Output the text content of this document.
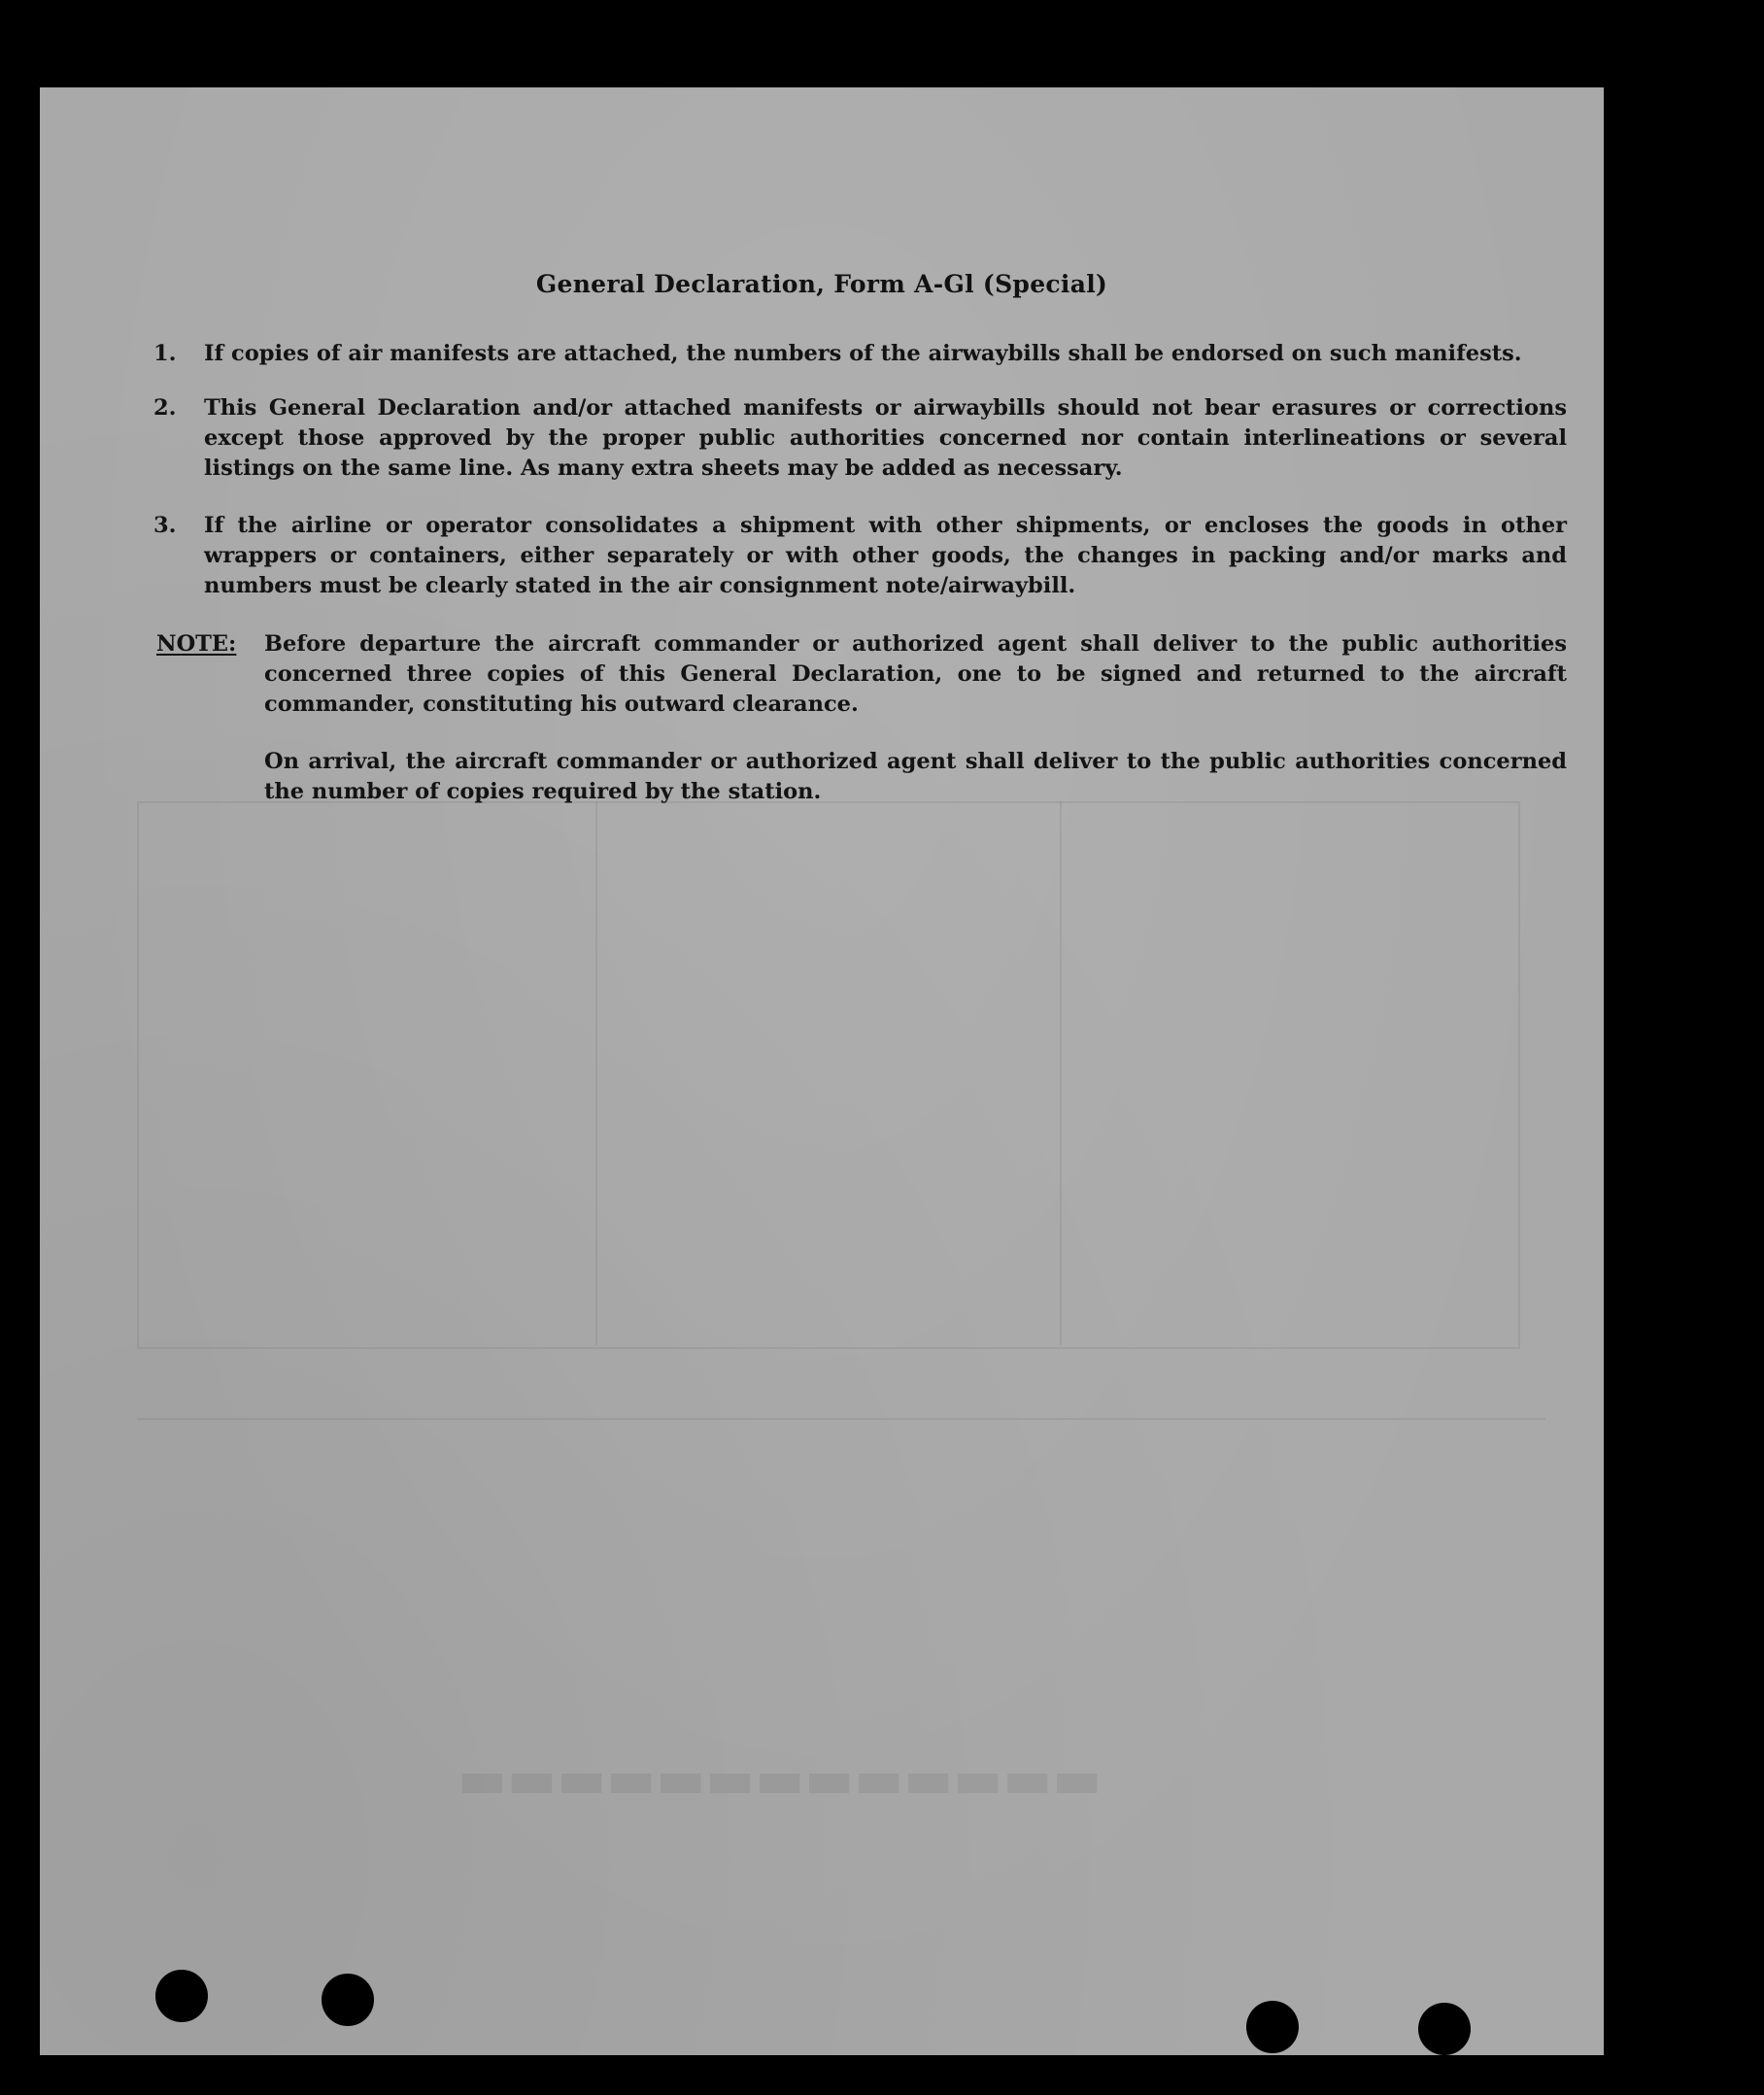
▬▬▬▬▬▬▬▬▬▬▬▬▬
General Declaration, Form A-Gl (Special)
1. If copies of air manifests are attached, the numbers of the airwaybills shall be endorsed on such manifests.
2. This General Declaration and/or attached manifests or airwaybills should not bear erasures or corrections except those approved by the proper public authorities concerned nor contain interlineations or several listings on the same line. As many extra sheets may be added as necessary.
3. If the airline or operator consolidates a shipment with other shipments, or encloses the goods in other wrappers or containers, either separately or with other goods, the changes in packing and/or marks and numbers must be clearly stated in the air consignment note/airwaybill.
NOTE: Before departure the aircraft commander or authorized agent shall deliver to the public authorities concerned three copies of this General Declaration, one to be signed and returned to the aircraft commander, constituting his outward clearance.
On arrival, the aircraft commander or authorized agent shall deliver to the public authorities concerned the number of copies required by the station.
